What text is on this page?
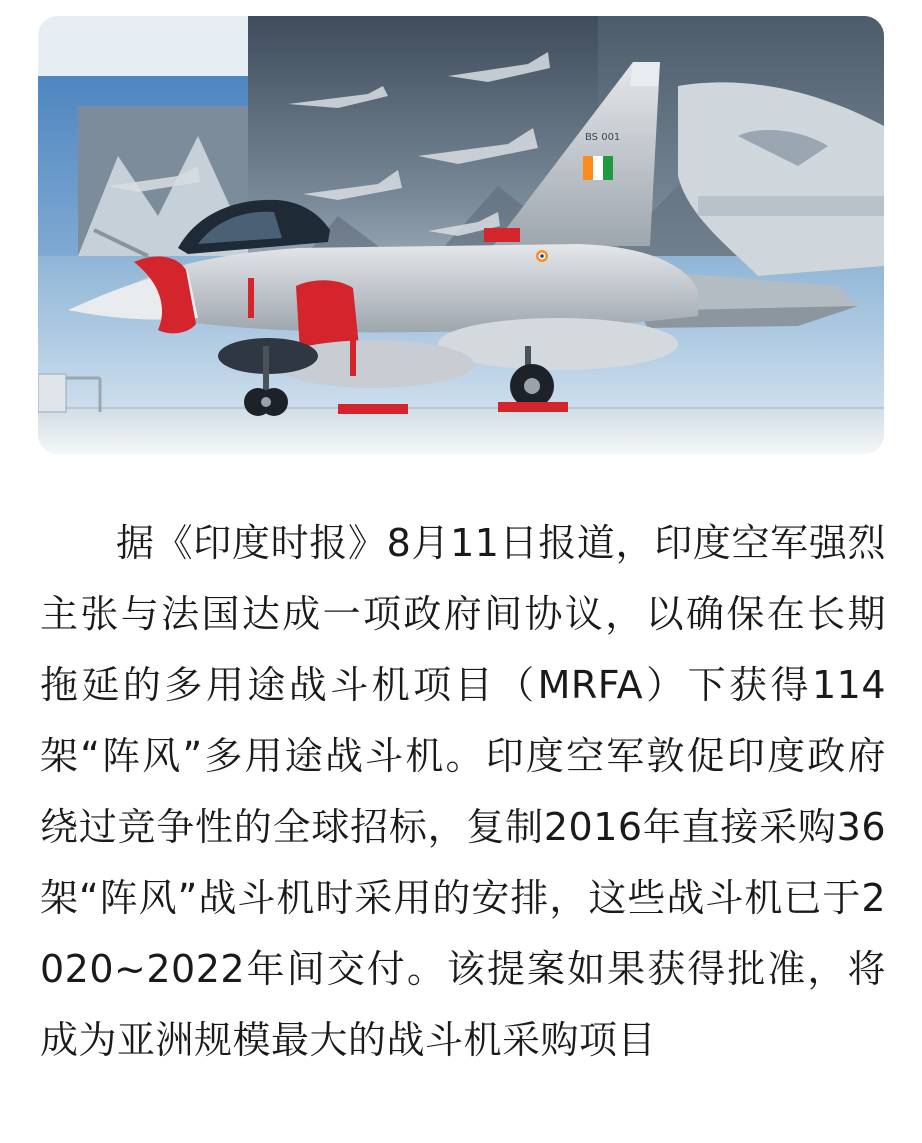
BS 001

据《印度时报》8月11日报道，印度空军强烈主张与法国达成一项政府间协议，以确保在长期拖延的多用途战斗机项目（MRFA）下获得114架“阵风”多用途战斗机。印度空军敦促印度政府绕过竞争性的全球招标，复制2016年直接采购36架“阵风”战斗机时采用的安排，这些战斗机已于2020~2022年间交付。该提案如果获得批准，将成为亚洲规模最大的战斗机采购项目
